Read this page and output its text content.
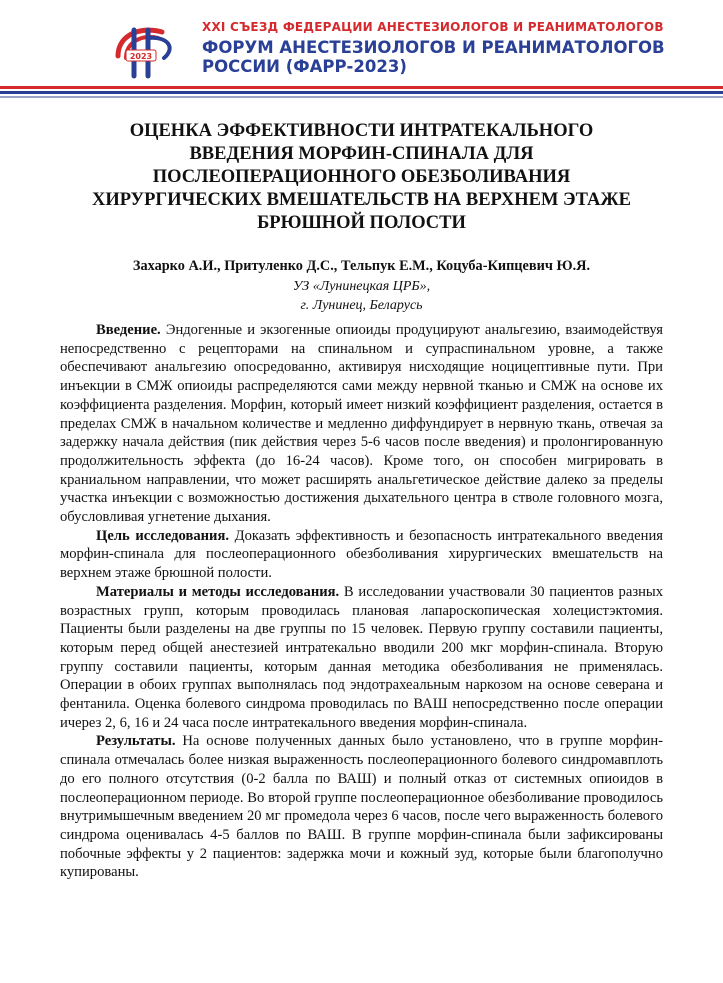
2023
XXI СЪЕЗД ФЕДЕРАЦИИ АНЕСТЕЗИОЛОГОВ И РЕАНИМАТОЛОГОВ
ФОРУМ АНЕСТЕЗИОЛОГОВ И РЕАНИМАТОЛОГОВ РОССИИ (ФАРР-2023)
ОЦЕНКА ЭФФЕКТИВНОСТИ ИНТРАТЕКАЛЬНОГО ВВЕДЕНИЯ МОРФИН-СПИНАЛА ДЛЯ ПОСЛЕОПЕРАЦИОННОГО ОБЕЗБОЛИВАНИЯ ХИРУРГИЧЕСКИХ ВМЕШАТЕЛЬСТВ НА ВЕРХНЕМ ЭТАЖЕ БРЮШНОЙ ПОЛОСТИ

Захарко А.И., Притуленко Д.С., Тельпук Е.М., Коцуба-Кипцевич Ю.Я.

УЗ «Лунинецкая ЦРБ»,
г. Лунинец, Беларусь

Введение. Эндогенные и экзогенные опиоиды продуцируют анальгезию, взаимодействуя непосредственно с рецепторами на спинальном и супраспинальном уровне, а также обеспечивают анальгезию опосредованно, активируя нисходящие ноцицептивные пути. При инъекции в СМЖ опиоиды распределяются сами между нервной тканью и СМЖ на основе их коэффициента разделения. Морфин, который имеет низкий коэффициент разделения, остается в пределах СМЖ в начальном количестве и медленно диффундирует в нервную ткань, отвечая за задержку начала действия (пик действия через 5-6 часов после введения) и пролонгированную продолжительность эффекта (до 16-24 часов). Кроме того, он способен мигрировать в краниальном направлении, что может расширять анальгетическое действие далеко за пределы участка инъекции с возможностью достижения дыхательного центра в стволе головного мозга, обусловливая угнетение дыхания.

Цель исследования. Доказать эффективность и безопасность интратекального введения морфин-спинала для послеоперационного обезболивания хирургических вмешательств на верхнем этаже брюшной полости.

Материалы и методы исследования. В исследовании участвовали 30 пациентов разных возрастных групп, которым проводилась плановая лапароскопическая холецистэктомия. Пациенты были разделены на две группы по 15 человек. Первую группу составили пациенты, которым перед общей анестезией интратекально вводили 200 мкг морфин-спинала. Вторую группу составили пациенты, которым данная методика обезболивания не применялась. Операции в обоих группах выполнялась под эндотрахеальным наркозом на основе северана и фентанила. Оценка болевого синдрома проводилась по ВАШ непосредственно после операции ичерез 2, 6, 16 и 24 часа после интратекального введения морфин-спинала.

Результаты. На основе полученных данных было установлено, что в группе морфин-спинала отмечалась более низкая выраженность послеоперационного болевого синдромавплоть до его полного отсутствия (0-2 балла по ВАШ) и полный отказ от системных опиоидов в послеоперационном периоде. Во второй группе послеоперационное обезболивание проводилось внутримышечным введением 20 мг промедола через 6 часов, после чего выраженность болевого синдрома оценивалась 4-5 баллов по ВАШ. В группе морфин-спинала были зафиксированы побочные эффекты у 2 пациентов: задержка мочи и кожный зуд, которые были благополучно купированы.
